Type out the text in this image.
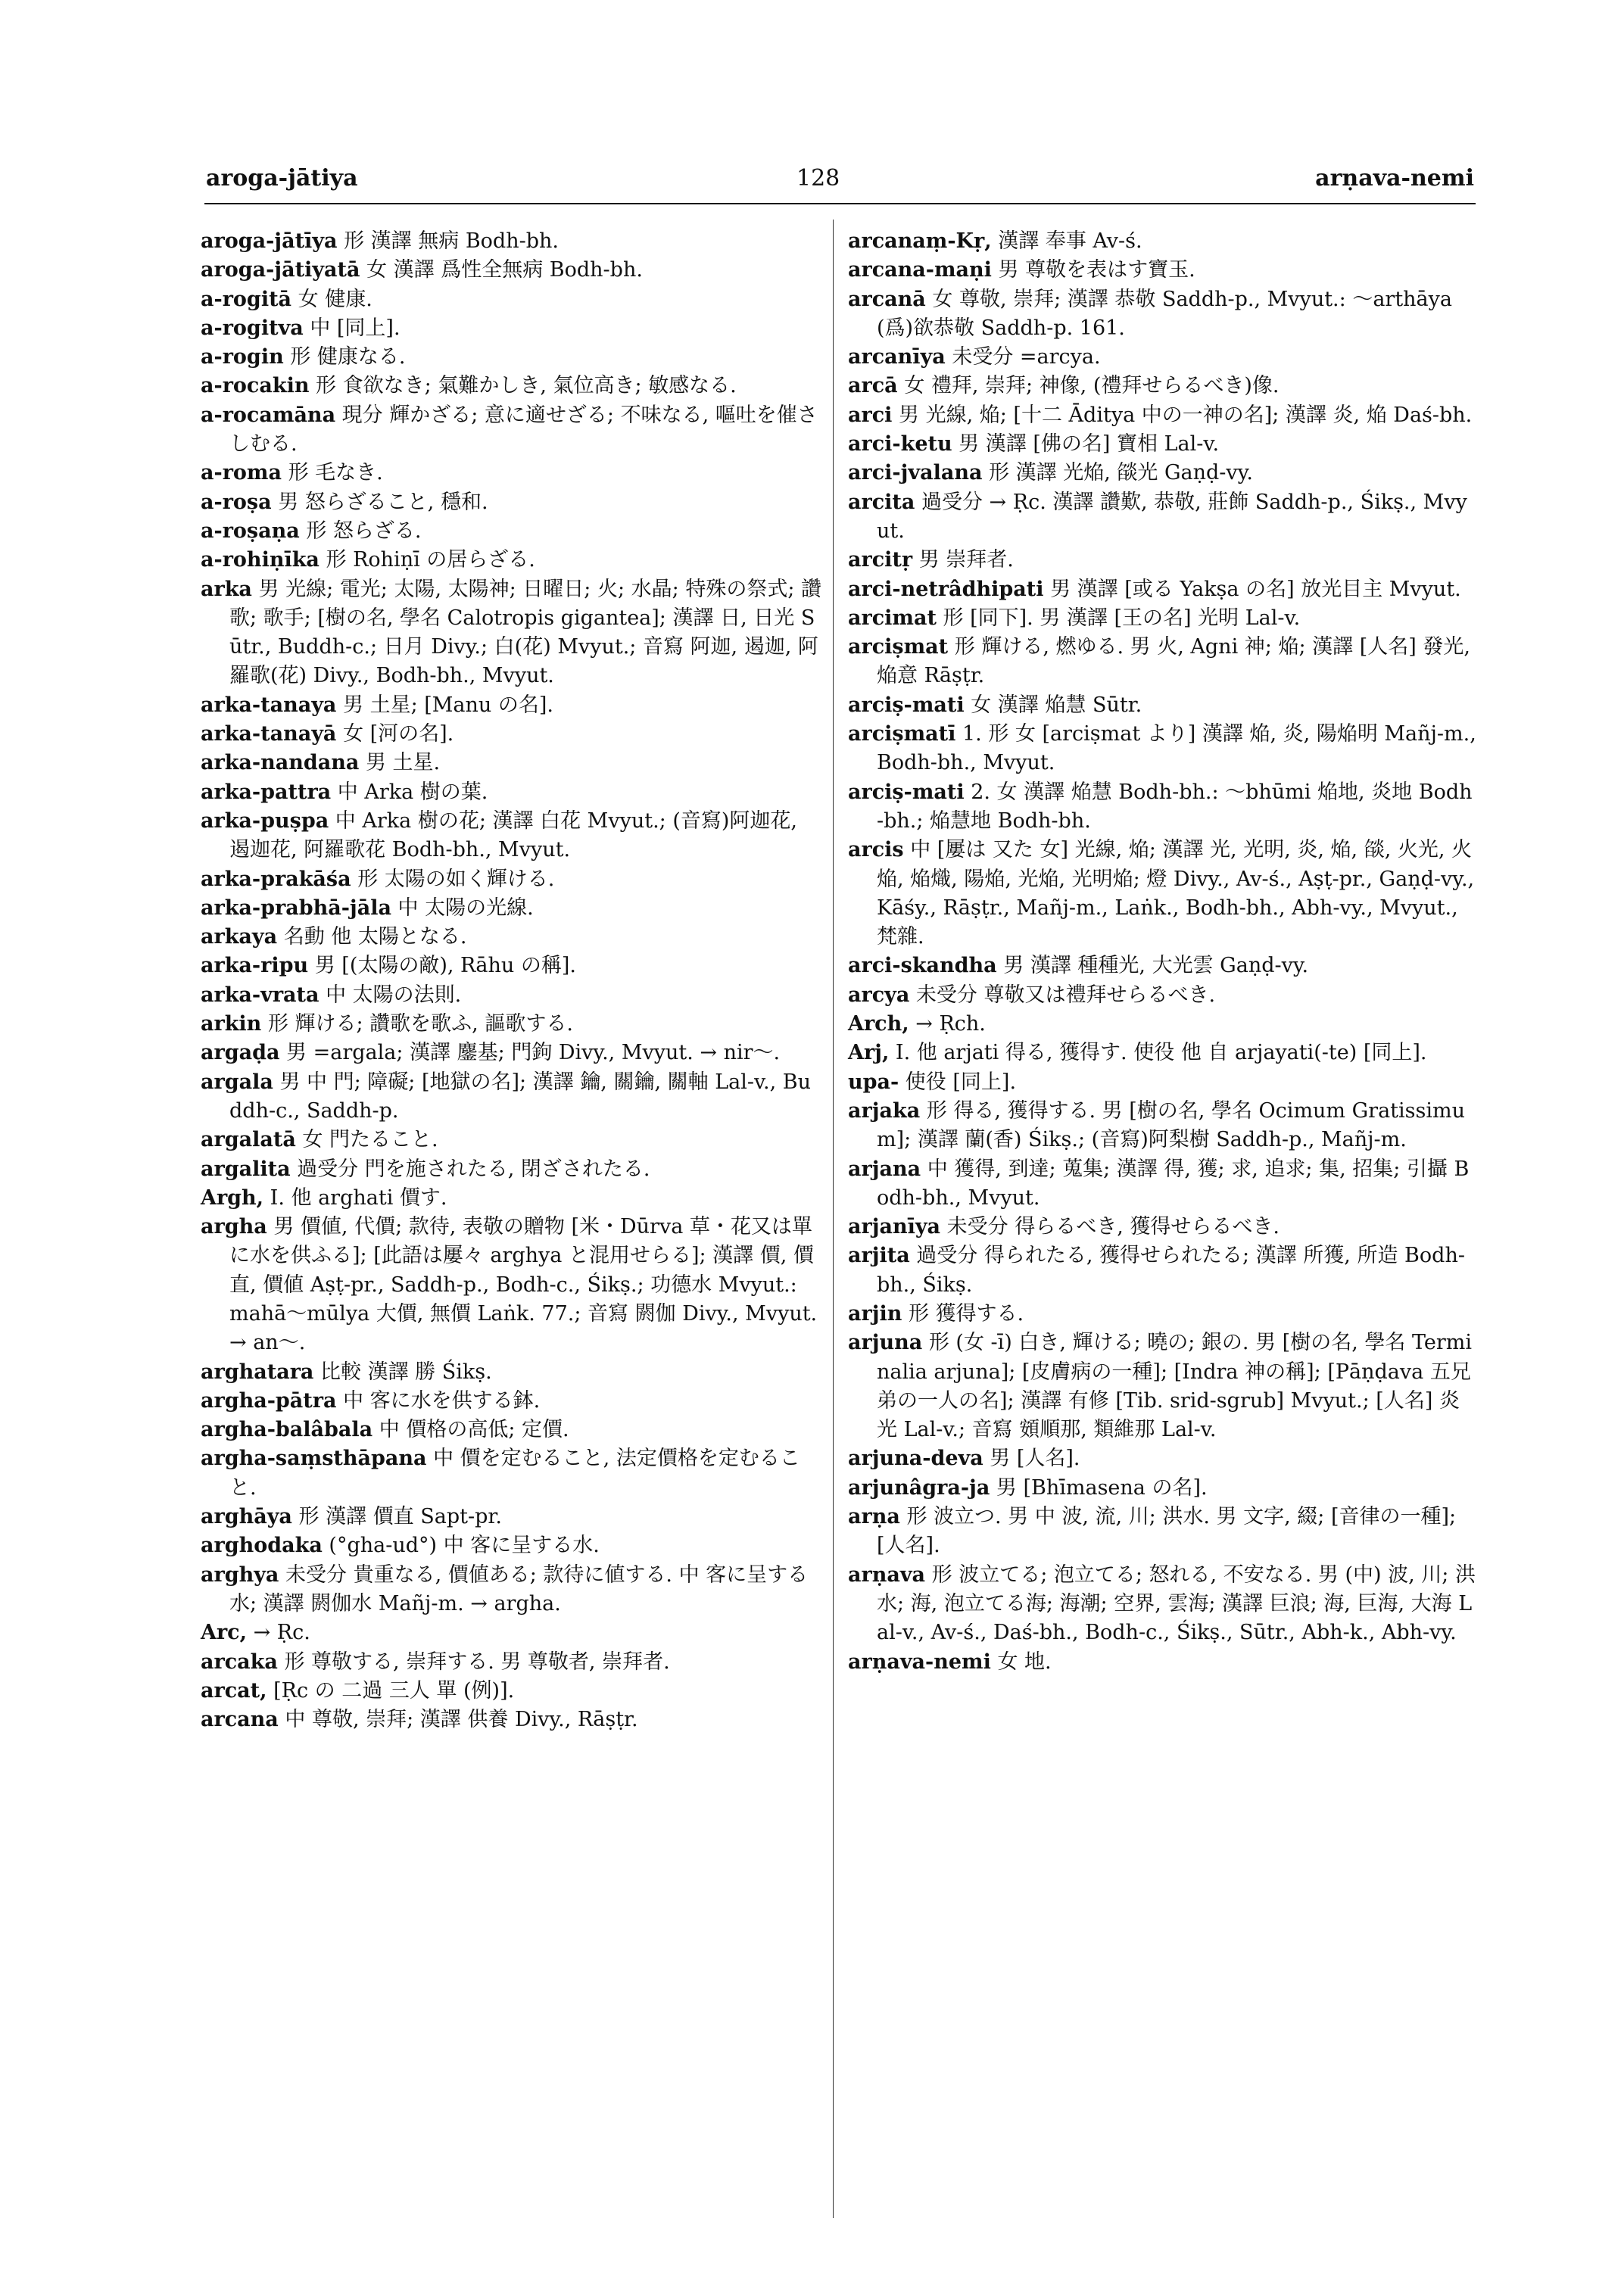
aroga-jātiya	128	arṇava-nemi

aroga-jātīya 形 漢譯 無病 Bodh-bh.

aroga-jātiyatā 女 漢譯 爲性全無病 Bodh-bh.

a-rogitā 女 健康.

a-rogitva 中 [同上].

a-rogin 形 健康なる.

a-rocakin 形 食欲なき; 氣難かしき, 氣位高き; 敏感なる.

a-rocamāna 現分 輝かざる; 意に適せざる; 不味なる, 嘔吐を催さしむる.

a-roma 形 毛なき.

a-roṣa 男 怒らざること, 穩和.

a-roṣaṇa 形 怒らざる.

a-rohiṇīka 形 Rohiṇī の居らざる.

arka 男 光線; 電光; 太陽, 太陽神; 日曜日; 火; 水晶; 特殊の祭式; 讚歌; 歌手; [樹の名, 學名 Calotropis gigantea]; 漢譯 日, 日光 Sūtr., Buddh-c.; 日月 Divy.; 白(花) Mvyut.; 音寫 阿迦, 遏迦, 阿羅歌(花) Divy., Bodh-bh., Mvyut.

arka-tanaya 男 土星; [Manu の名].

arka-tanayā 女 [河の名].

arka-nandana 男 土星.

arka-pattra 中 Arka 樹の葉.

arka-puṣpa 中 Arka 樹の花; 漢譯 白花 Mvyut.; (音寫)阿迦花, 遏迦花, 阿羅歌花 Bodh-bh., Mvyut.

arka-prakāśa 形 太陽の如く輝ける.

arka-prabhā-jāla 中 太陽の光線.

arkaya 名動 他 太陽となる.

arka-ripu 男 [(太陽の敵), Rāhu の稱].

arka-vrata 中 太陽の法則.

arkin 形 輝ける; 讚歌を歌ふ, 謳歌する.

argaḍa 男 =argala; 漢譯 鏖基; 門鉤 Divy., Mvyut. → nir〜.

argala 男 中 門; 障礙; [地獄の名]; 漢譯 鑰, 關鑰, 關軸 Lal-v., Buddh-c., Saddh-p.

argalatā 女 門たること.

argalita 過受分 門を施されたる, 閉ざされたる.

Argh, I. 他 arghati 價す.

argha 男 價値, 代價; 款待, 表敬の贈物 [米・Dūrva 草・花又は單に水を供ふる]; [此語は屢々 arghya と混用せらる]; 漢譯 價, 價直, 價値 Aṣṭ-pr., Saddh-p., Bodh-c., Śikṣ.; 功德水 Mvyut.: mahā〜mūlya 大價, 無價 Laṅk. 77.; 音寫 閼伽 Divy., Mvyut. → an〜.

arghatara 比較 漢譯 勝 Śikṣ.

argha-pātra 中 客に水を供する鉢.

argha-balâbala 中 價格の高低; 定價.

argha-saṃsthāpana 中 價を定むること, 法定價格を定むること.

arghāya 形 漢譯 價直 Sapt-pr.

arghodaka (°gha-ud°) 中 客に呈する水.

arghya 未受分 貴重なる, 價値ある; 款待に値する. 中 客に呈する水; 漢譯 閼伽水 Mañj-m. → argha.

Arc, → Ṛc.

arcaka 形 尊敬する, 崇拜する. 男 尊敬者, 崇拜者.

arcat, [Ṛc の 二過 三人 單 (例)].

arcana 中 尊敬, 崇拜; 漢譯 供養 Divy., Rāṣṭr.

arcanaṃ-Kṛ, 漢譯 奉事 Av-ś.

arcana-maṇi 男 尊敬を表はす寶玉.

arcanā 女 尊敬, 崇拜; 漢譯 恭敬 Saddh-p., Mvyut.: 〜arthāya (爲)欲恭敬 Saddh-p. 161.

arcanīya 未受分 =arcya.

arcā 女 禮拜, 崇拜; 神像, (禮拜せらるべき)像.

arci 男 光線, 焔; [十二 Āditya 中の一神の名]; 漢譯 炎, 焔 Daś-bh.

arci-ketu 男 漢譯 [佛の名] 寶相 Lal-v.

arci-jvalana 形 漢譯 光焔, 燄光 Gaṇḍ-vy.

arcita 過受分 → Ṛc. 漢譯 讚歎, 恭敬, 莊飾 Saddh-p., Śikṣ., Mvyut.

arcitṛ 男 崇拜者.

arci-netrâdhipati 男 漢譯 [或る Yakṣa の名] 放光目主 Mvyut.

arcimat 形 [同下]. 男 漢譯 [王の名] 光明 Lal-v.

arciṣmat 形 輝ける, 燃ゆる. 男 火, Agni 神; 焔; 漢譯 [人名] 發光, 焔意 Rāṣṭr.

arciṣ-mati 女 漢譯 焔慧 Sūtr.

arciṣmatī 1. 形 女 [arciṣmat より] 漢譯 焔, 炎, 陽焔明 Mañj-m., Bodh-bh., Mvyut.

arciṣ-mati 2. 女 漢譯 焔慧 Bodh-bh.: 〜bhūmi 焔地, 炎地 Bodh-bh.; 焔慧地 Bodh-bh.

arcis 中 [屢は 又た 女] 光線, 焔; 漢譯 光, 光明, 炎, 焔, 燄, 火光, 火焔, 焔熾, 陽焔, 光焔, 光明焔; 燈 Divy., Av-ś., Aṣṭ-pr., Gaṇḍ-vy., Kāśy., Rāṣṭr., Mañj-m., Laṅk., Bodh-bh., Abh-vy., Mvyut., 梵雜.

arci-skandha 男 漢譯 種種光, 大光雲 Gaṇḍ-vy.

arcya 未受分 尊敬又は禮拜せらるべき.

Arch, → Ṛch.

Arj, I. 他 arjati 得る, 獲得す. 使役 他 自 arjayati(-te) [同上].

upa- 使役 [同上].

arjaka 形 得る, 獲得する. 男 [樹の名, 學名 Ocimum Gratissimum]; 漢譯 蘭(香) Śikṣ.; (音寫)阿梨樹 Saddh-p., Mañj-m.

arjana 中 獲得, 到達; 蒐集; 漢譯 得, 獲; 求, 追求; 集, 招集; 引攝 Bodh-bh., Mvyut.

arjanīya 未受分 得らるべき, 獲得せらるべき.

arjita 過受分 得られたる, 獲得せられたる; 漢譯 所獲, 所造 Bodh-bh., Śikṣ.

arjin 形 獲得する.

arjuna 形 (女 -ī) 白き, 輝ける; 曉の; 銀の. 男 [樹の名, 學名 Terminalia arjuna]; [皮膚病の一種]; [Indra 神の稱]; [Pāṇḍava 五兄弟の一人の名]; 漢譯 有修 [Tib. srid-sgrub] Mvyut.; [人名] 炎光 Lal-v.; 音寫 頞順那, 類維那 Lal-v.

arjuna-deva 男 [人名].

arjunâgra-ja 男 [Bhīmasena の名].

arṇa 形 波立つ. 男 中 波, 流, 川; 洪水. 男 文字, 綴; [音律の一種]; [人名].

arṇava 形 波立てる; 泡立てる; 怒れる, 不安なる. 男 (中) 波, 川; 洪水; 海, 泡立てる海; 海潮; 空界, 雲海; 漢譯 巨浪; 海, 巨海, 大海 Lal-v., Av-ś., Daś-bh., Bodh-c., Śikṣ., Sūtr., Abh-k., Abh-vy.

arṇava-nemi 女 地.
